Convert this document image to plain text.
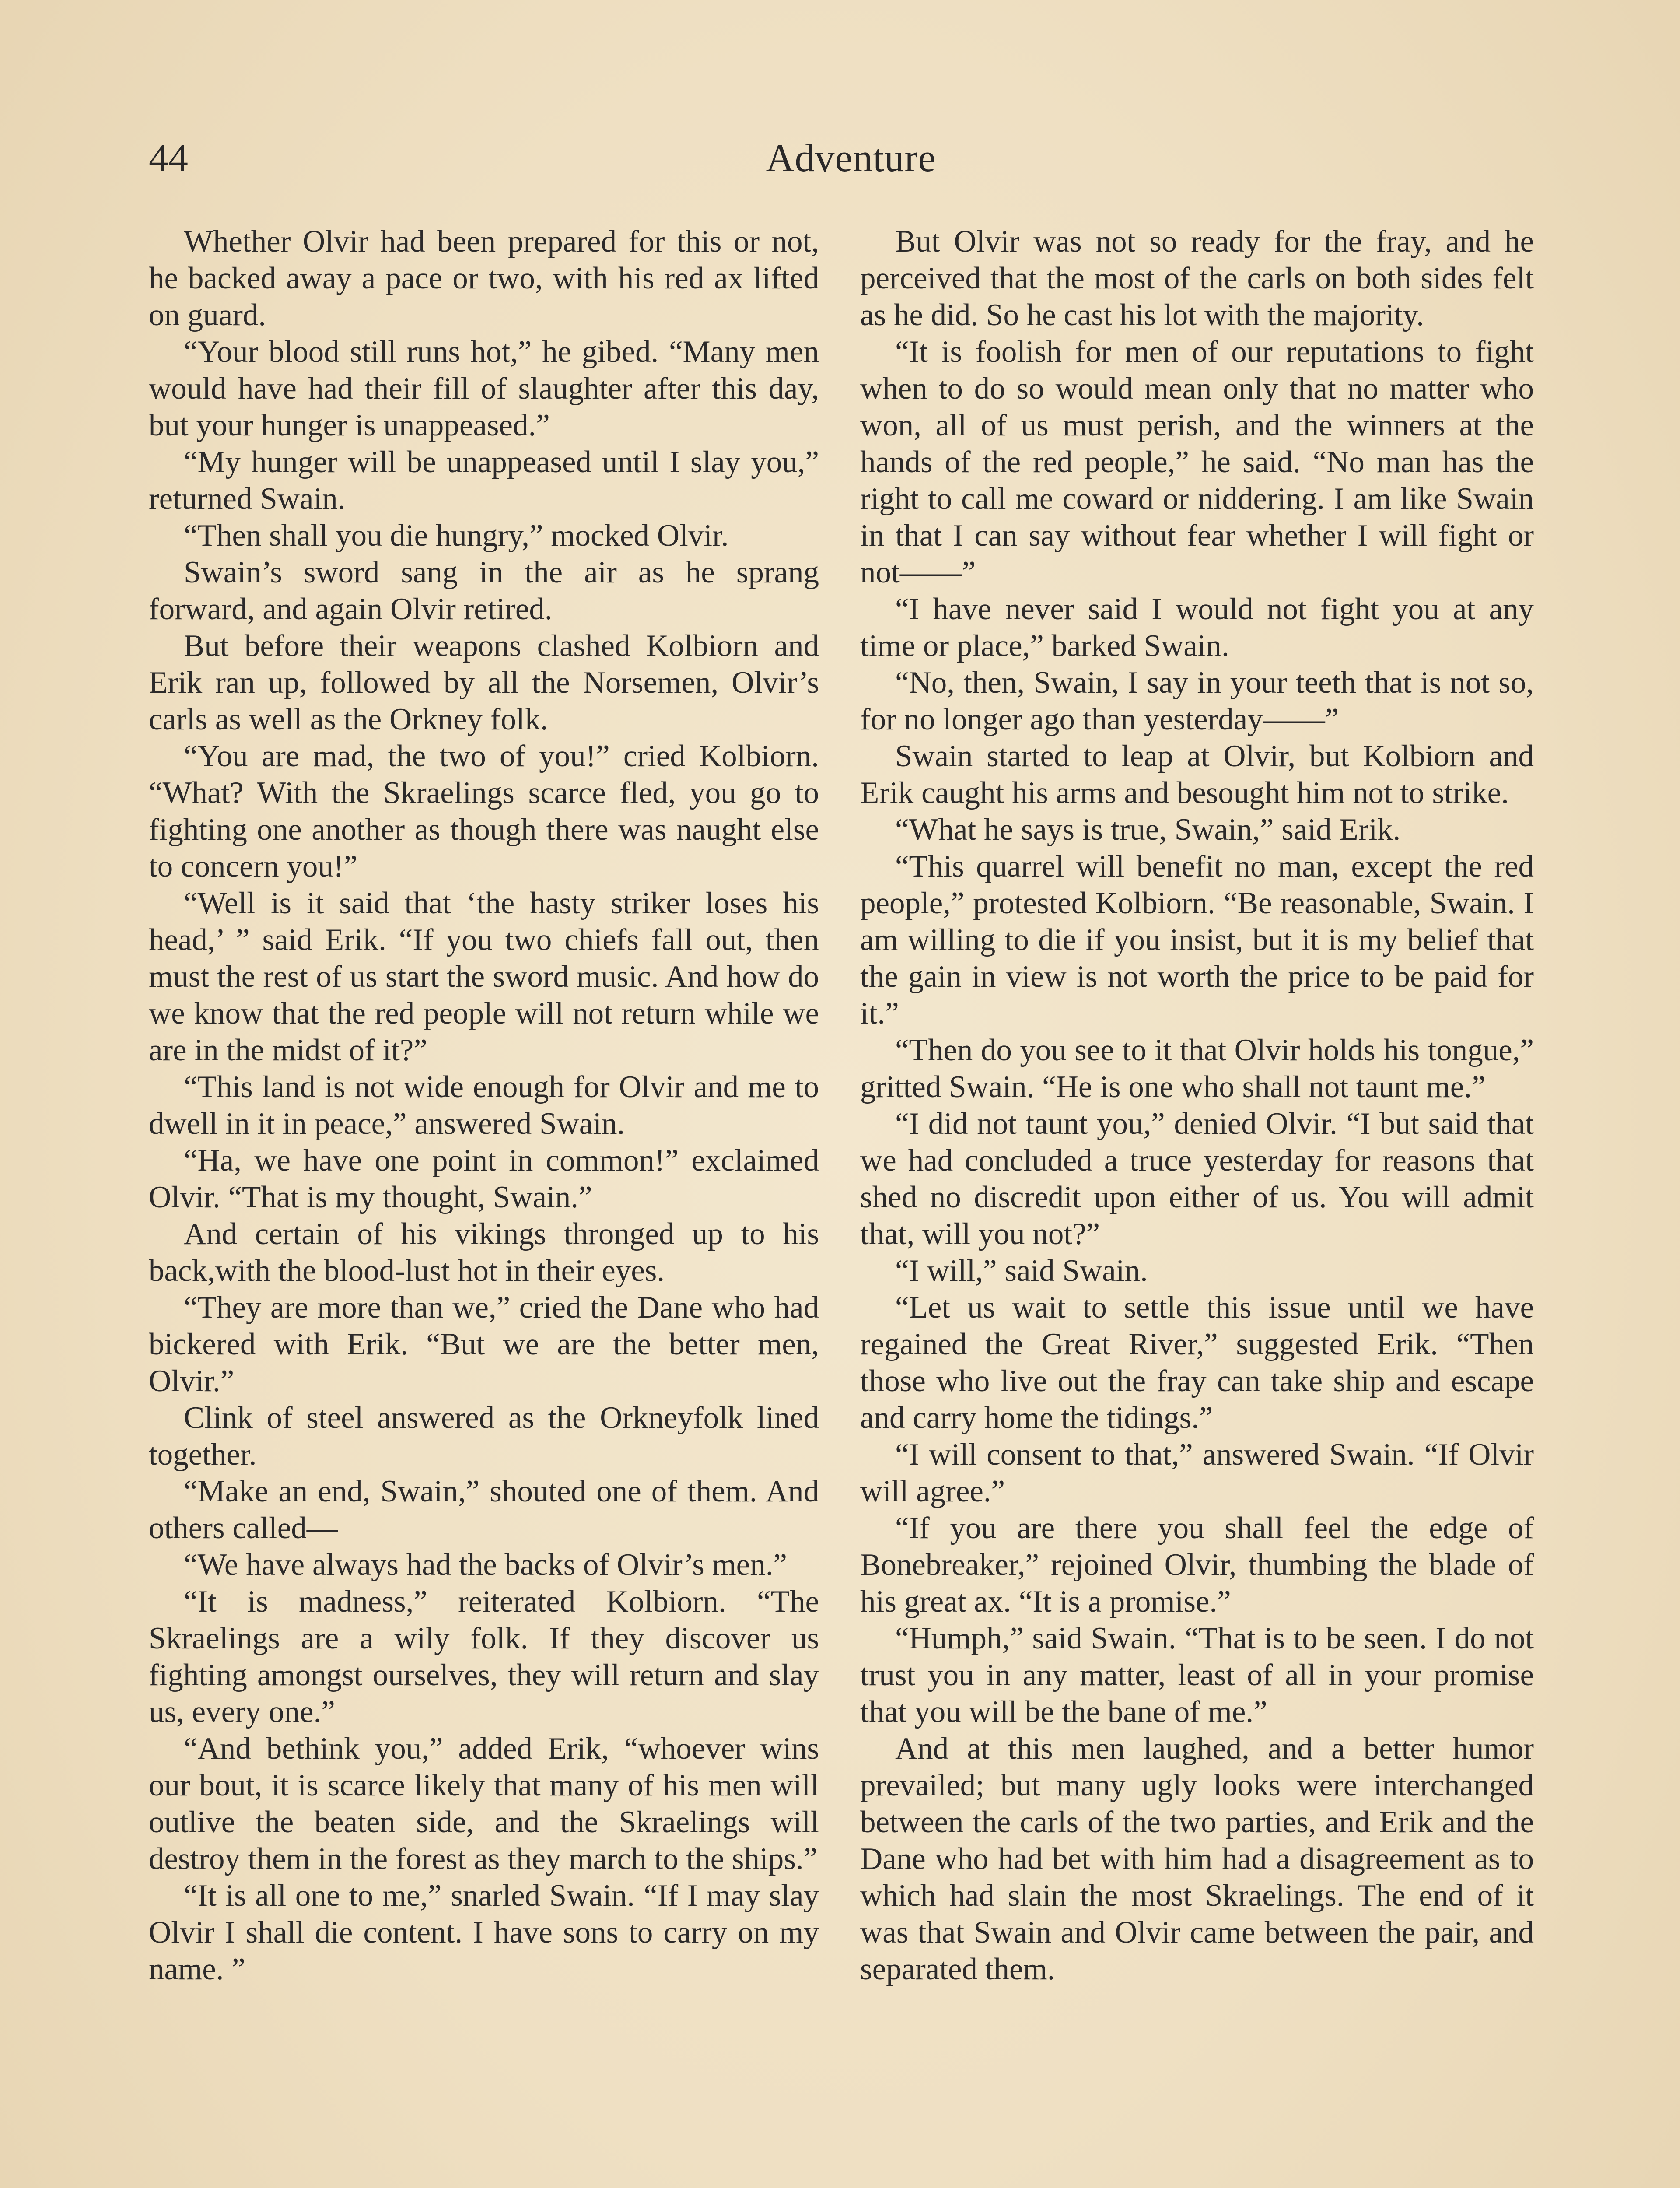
44	Adventure

Whether Olvir had been prepared for this or not, he backed away a pace or two, with his red ax lifted on guard.

“Your blood still runs hot,” he gibed. “Many men would have had their fill of slaughter after this day, but your hunger is unappeased.”

“My hunger will be unappeased until I slay you,” returned Swain.

“Then shall you die hungry,” mocked Olvir.

Swain’s sword sang in the air as he sprang forward, and again Olvir retired.

But before their weapons clashed Kolbiorn and Erik ran up, followed by all the Norsemen, Olvir’s carls as well as the Orkney folk.

“You are mad, the two of you!” cried Kolbiorn. “What? With the Skraelings scarce fled, you go to fighting one another as though there was naught else to concern you!”

“Well is it said that ‘the hasty striker loses his head,’ ” said Erik. “If you two chiefs fall out, then must the rest of us start the sword music. And how do we know that the red people will not return while we are in the midst of it?”

“This land is not wide enough for Olvir and me to dwell in it in peace,” answered Swain.

“Ha, we have one point in common!” exclaimed Olvir. “That is my thought, Swain.”

And certain of his vikings thronged up to his back,with the blood-lust hot in their eyes.

“They are more than we,” cried the Dane who had bickered with Erik. “But we are the better men, Olvir.”

Clink of steel answered as the Orkneyfolk lined together.

“Make an end, Swain,” shouted one of them. And others called—

“We have always had the backs of Olvir’s men.”

“It is madness,” reiterated Kolbiorn. “The Skraelings are a wily folk. If they discover us fighting amongst ourselves, they will return and slay us, every one.”

“And bethink you,” added Erik, “whoever wins our bout, it is scarce likely that many of his men will outlive the beaten side, and the Skraelings will destroy them in the forest as they march to the ships.”

“It is all one to me,” snarled Swain. “If I may slay Olvir I shall die content. I have sons to carry on my name. ”

But Olvir was not so ready for the fray, and he perceived that the most of the carls on both sides felt as he did. So he cast his lot with the majority.

“It is foolish for men of our reputations to fight when to do so would mean only that no matter who won, all of us must perish, and the winners at the hands of the red people,” he said. “No man has the right to call me coward or niddering. I am like Swain in that I can say without fear whether I will fight or not——”

“I have never said I would not fight you at any time or place,” barked Swain.

“No, then, Swain, I say in your teeth that is not so, for no longer ago than yesterday——”

Swain started to leap at Olvir, but Kolbiorn and Erik caught his arms and besought him not to strike.

“What he says is true, Swain,” said Erik.

“This quarrel will benefit no man, except the red people,” protested Kolbiorn. “Be reasonable, Swain. I am willing to die if you insist, but it is my belief that the gain in view is not worth the price to be paid for it.”

“Then do you see to it that Olvir holds his tongue,” gritted Swain. “He is one who shall not taunt me.”

“I did not taunt you,” denied Olvir. “I but said that we had concluded a truce yesterday for reasons that shed no discredit upon either of us. You will admit that, will you not?”

“I will,” said Swain.

“Let us wait to settle this issue until we have regained the Great River,” suggested Erik. “Then those who live out the fray can take ship and escape and carry home the tidings.”

“I will consent to that,” answered Swain. “If Olvir will agree.”

“If you are there you shall feel the edge of Bonebreaker,” rejoined Olvir, thumbing the blade of his great ax. “It is a promise.”

“Humph,” said Swain. “That is to be seen. I do not trust you in any matter, least of all in your promise that you will be the bane of me.”

And at this men laughed, and a better humor prevailed; but many ugly looks were interchanged between the carls of the two parties, and Erik and the Dane who had bet with him had a disagreement as to which had slain the most Skraelings. The end of it was that Swain and Olvir came between the pair, and separated them.
